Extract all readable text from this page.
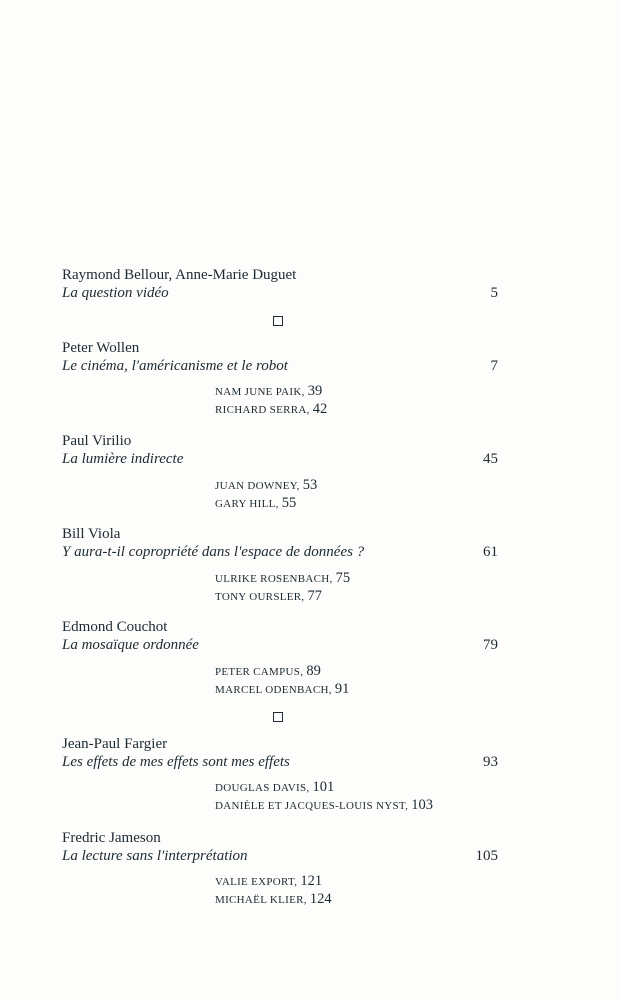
Raymond Bellour, Anne-Marie Duguet
La question vidéo	5
Peter Wollen
Le cinéma, l'américanisme et le robot	7
NAM JUNE PAIK, 39
RICHARD SERRA, 42
Paul Virilio
La lumière indirecte	45
JUAN DOWNEY, 53
GARY HILL, 55
Bill Viola
Y aura-t-il copropriété dans l'espace de données ?	61
ULRIKE ROSENBACH, 75
TONY OURSLER, 77
Edmond Couchot
La mosaïque ordonnée	79
PETER CAMPUS, 89
MARCEL ODENBACH, 91
Jean-Paul Fargier
Les effets de mes effets sont mes effets	93
DOUGLAS DAVIS, 101
DANIÈLE ET JACQUES-LOUIS NYST, 103
Fredric Jameson
La lecture sans l'interprétation	105
VALIE EXPORT, 121
MICHAËL KLIER, 124
